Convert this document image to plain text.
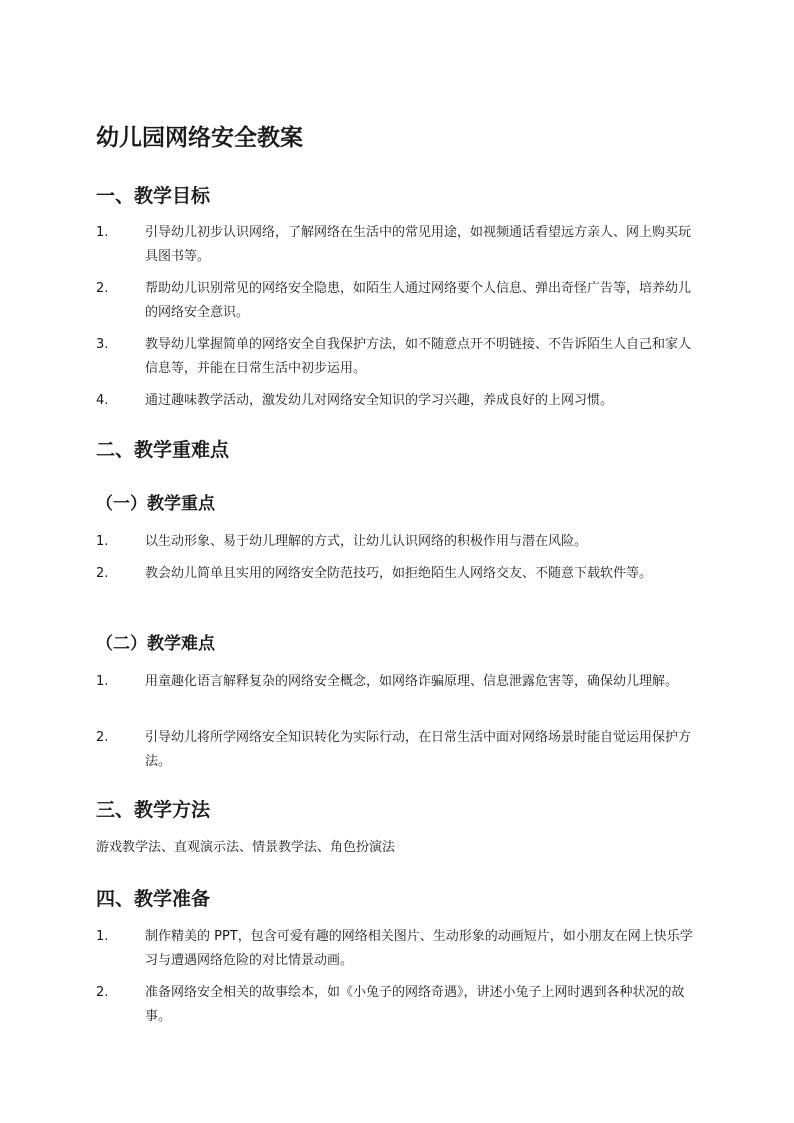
幼儿园网络安全教案
一、教学目标
1.	引导幼儿初步认识网络，了解网络在生活中的常见用途，如视频通话看望远方亲人、网上购买玩具图书等。
2.	帮助幼儿识别常见的网络安全隐患，如陌生人通过网络要个人信息、弹出奇怪广告等，培养幼儿的网络安全意识。
3.	教导幼儿掌握简单的网络安全自我保护方法，如不随意点开不明链接、不告诉陌生人自己和家人信息等，并能在日常生活中初步运用。
4.	通过趣味教学活动，激发幼儿对网络安全知识的学习兴趣，养成良好的上网习惯。
二、教学重难点
（一）教学重点
1.	以生动形象、易于幼儿理解的方式，让幼儿认识网络的积极作用与潜在风险。
2.	教会幼儿简单且实用的网络安全防范技巧，如拒绝陌生人网络交友、不随意下载软件等。
（二）教学难点
1.	用童趣化语言解释复杂的网络安全概念，如网络诈骗原理、信息泄露危害等，确保幼儿理解。
2.	引导幼儿将所学网络安全知识转化为实际行动，在日常生活中面对网络场景时能自觉运用保护方法。
三、教学方法

游戏教学法、直观演示法、情景教学法、角色扮演法

四、教学准备
1.	制作精美的 PPT，包含可爱有趣的网络相关图片、生动形象的动画短片，如小朋友在网上快乐学习与遭遇网络危险的对比情景动画。
2.	准备网络安全相关的故事绘本，如《小兔子的网络奇遇》，讲述小兔子上网时遇到各种状况的故事。
